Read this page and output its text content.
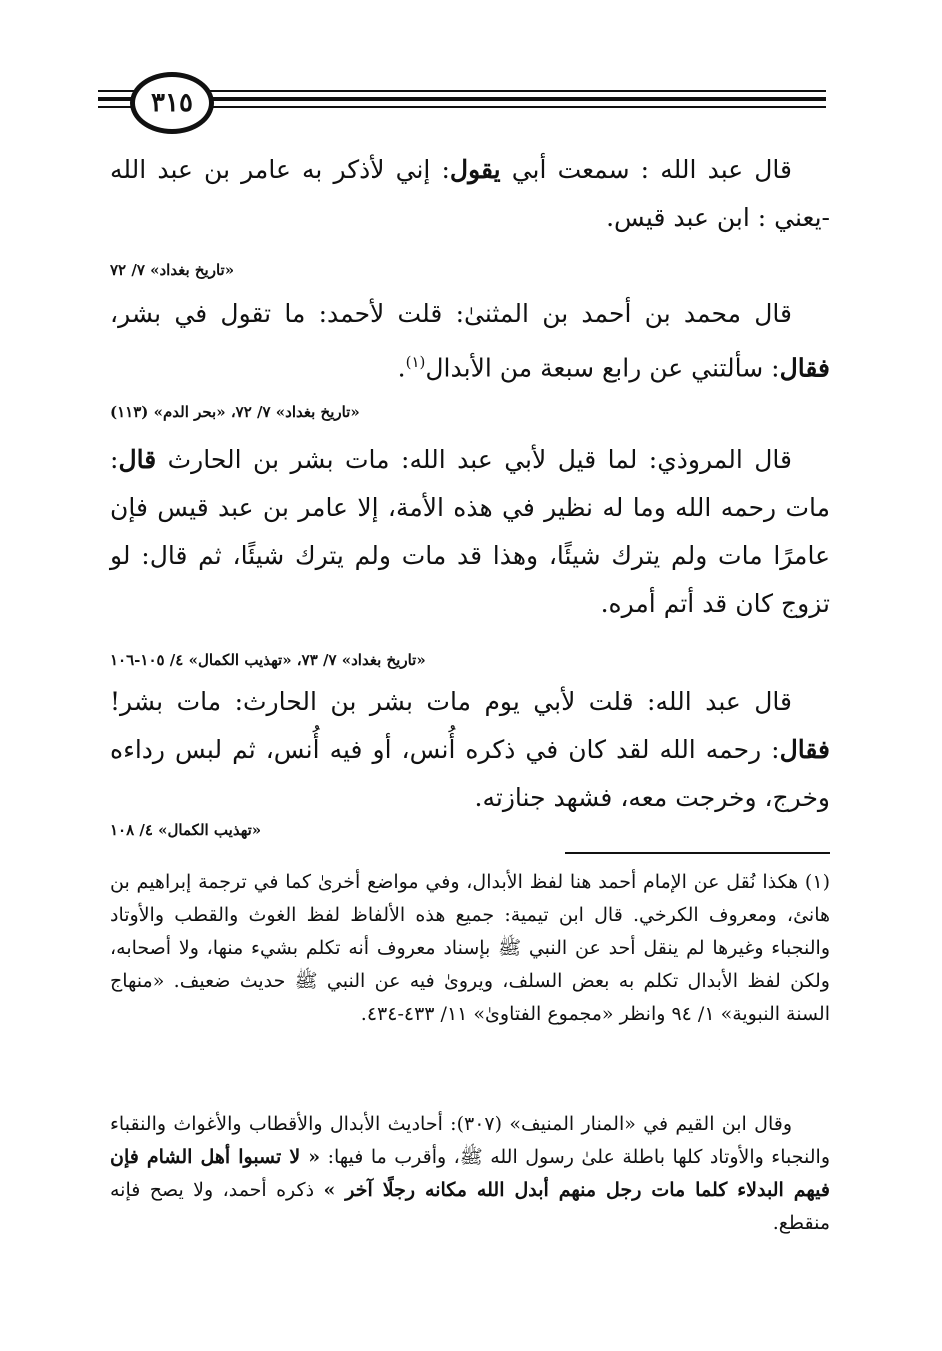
٣١٥
قال عبد الله : سمعت أبي يقول: إني لأذكر به عامر بن عبد الله -يعني : ابن عبد قيس.
«تاريخ بغداد» ٧/ ٧٢
قال محمد بن أحمد بن المثنىٰ: قلت لأحمد: ما تقول في بشر، فقال: سألتني عن رابع سبعة من الأبدال$^{(١)}$.
«تاريخ بغداد» ٧/ ٧٢، «بحر الدم» (١١٣)
قال المروذي: لما قيل لأبي عبد الله: مات بشر بن الحارث قال: مات رحمه الله وما له نظير في هذه الأمة، إلا عامر بن عبد قيس فإن عامرًا مات ولم يترك شيئًا، وهذا قد مات ولم يترك شيئًا، ثم قال: لو تزوج كان قد أتم أمره.
«تاريخ بغداد» ٧/ ٧٣، «تهذيب الكمال» ٤/ ١٠٥-١٠٦
قال عبد الله: قلت لأبي يوم مات بشر بن الحارث: مات بشر! فقال: رحمه الله لقد كان في ذكره أُنس، أو فيه أُنس، ثم لبس رداءه وخرج، وخرجت معه، فشهد جنازته.
«تهذيب الكمال» ٤/ ١٠٨
(١) هكذا نُقل عن الإمام أحمد هنا لفظ الأبدال، وفي مواضع أخرىٰ كما في ترجمة إبراهيم بن هانئ، ومعروف الكرخي. قال ابن تيمية: جميع هذه الألفاظ لفظ الغوث والقطب والأوتاد والنجباء وغيرها لم ينقل أحد عن النبي ﷺ بإسناد معروف أنه تكلم بشيء منها، ولا أصحابه، ولكن لفظ الأبدال تكلم به بعض السلف، ويروىٰ فيه عن النبي ﷺ حديث ضعيف. «منهاج السنة النبوية» ١/ ٩٤ وانظر «مجموع الفتاوىٰ» ١١/ ٤٣٣-٤٣٤.
وقال ابن القيم في «المنار المنيف» (٣٠٧): أحاديث الأبدال والأقطاب والأغواث والنقباء والنجباء والأوتاد كلها باطلة علىٰ رسول الله ﷺ، وأقرب ما فيها: « لا تسبوا أهل الشام فإن فيهم البدلاء كلما مات رجل منهم أبدل الله مكانه رجلًا آخر » ذكره أحمد، ولا يصح فإنه منقطع.
